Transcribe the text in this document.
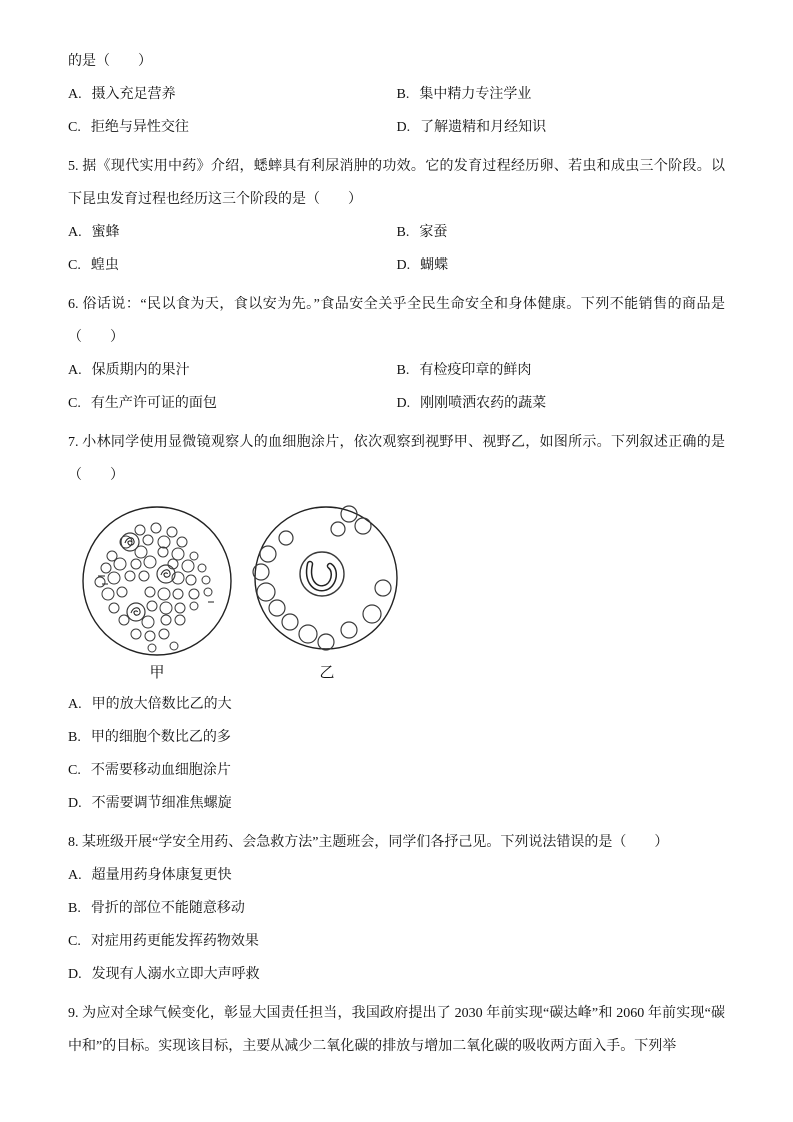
的是（　　）

A. 摄入充足营养	B. 集中精力专注学业
C. 拒绝与异性交往	D. 了解遗精和月经知识

5. 据《现代实用中药》介绍，蟋蟀具有利尿消肿的功效。它的发育过程经历卵、若虫和成虫三个阶段。以下昆虫发育过程也经历这三个阶段的是（　　）

A. 蜜蜂	B. 家蚕
C. 蝗虫	D. 蝴蝶

6. 俗话说：“民以食为天，食以安为先。”食品安全关乎全民生命安全和身体健康。下列不能销售的商品是（　　）

A. 保质期内的果汁	B. 有检疫印章的鲜肉
C. 有生产许可证的面包	D. 刚刚喷洒农药的蔬菜

7. 小林同学使用显微镜观察人的血细胞涂片，依次观察到视野甲、视野乙，如图所示。下列叙述正确的是（　　）

甲	乙
A. 甲的放大倍数比乙的大
B. 甲的细胞个数比乙的多
C. 不需要移动血细胞涂片
D. 不需要调节细准焦螺旋

8. 某班级开展“学安全用药、会急救方法”主题班会，同学们各抒己见。下列说法错误的是（　　）

A. 超量用药身体康复更快
B. 骨折的部位不能随意移动
C. 对症用药更能发挥药物效果
D. 发现有人溺水立即大声呼救

9. 为应对全球气候变化，彰显大国责任担当，我国政府提出了 2030 年前实现“碳达峰”和 2060 年前实现“碳中和”的目标。实现该目标，主要从减少二氧化碳的排放与增加二氧化碳的吸收两方面入手。下列举
